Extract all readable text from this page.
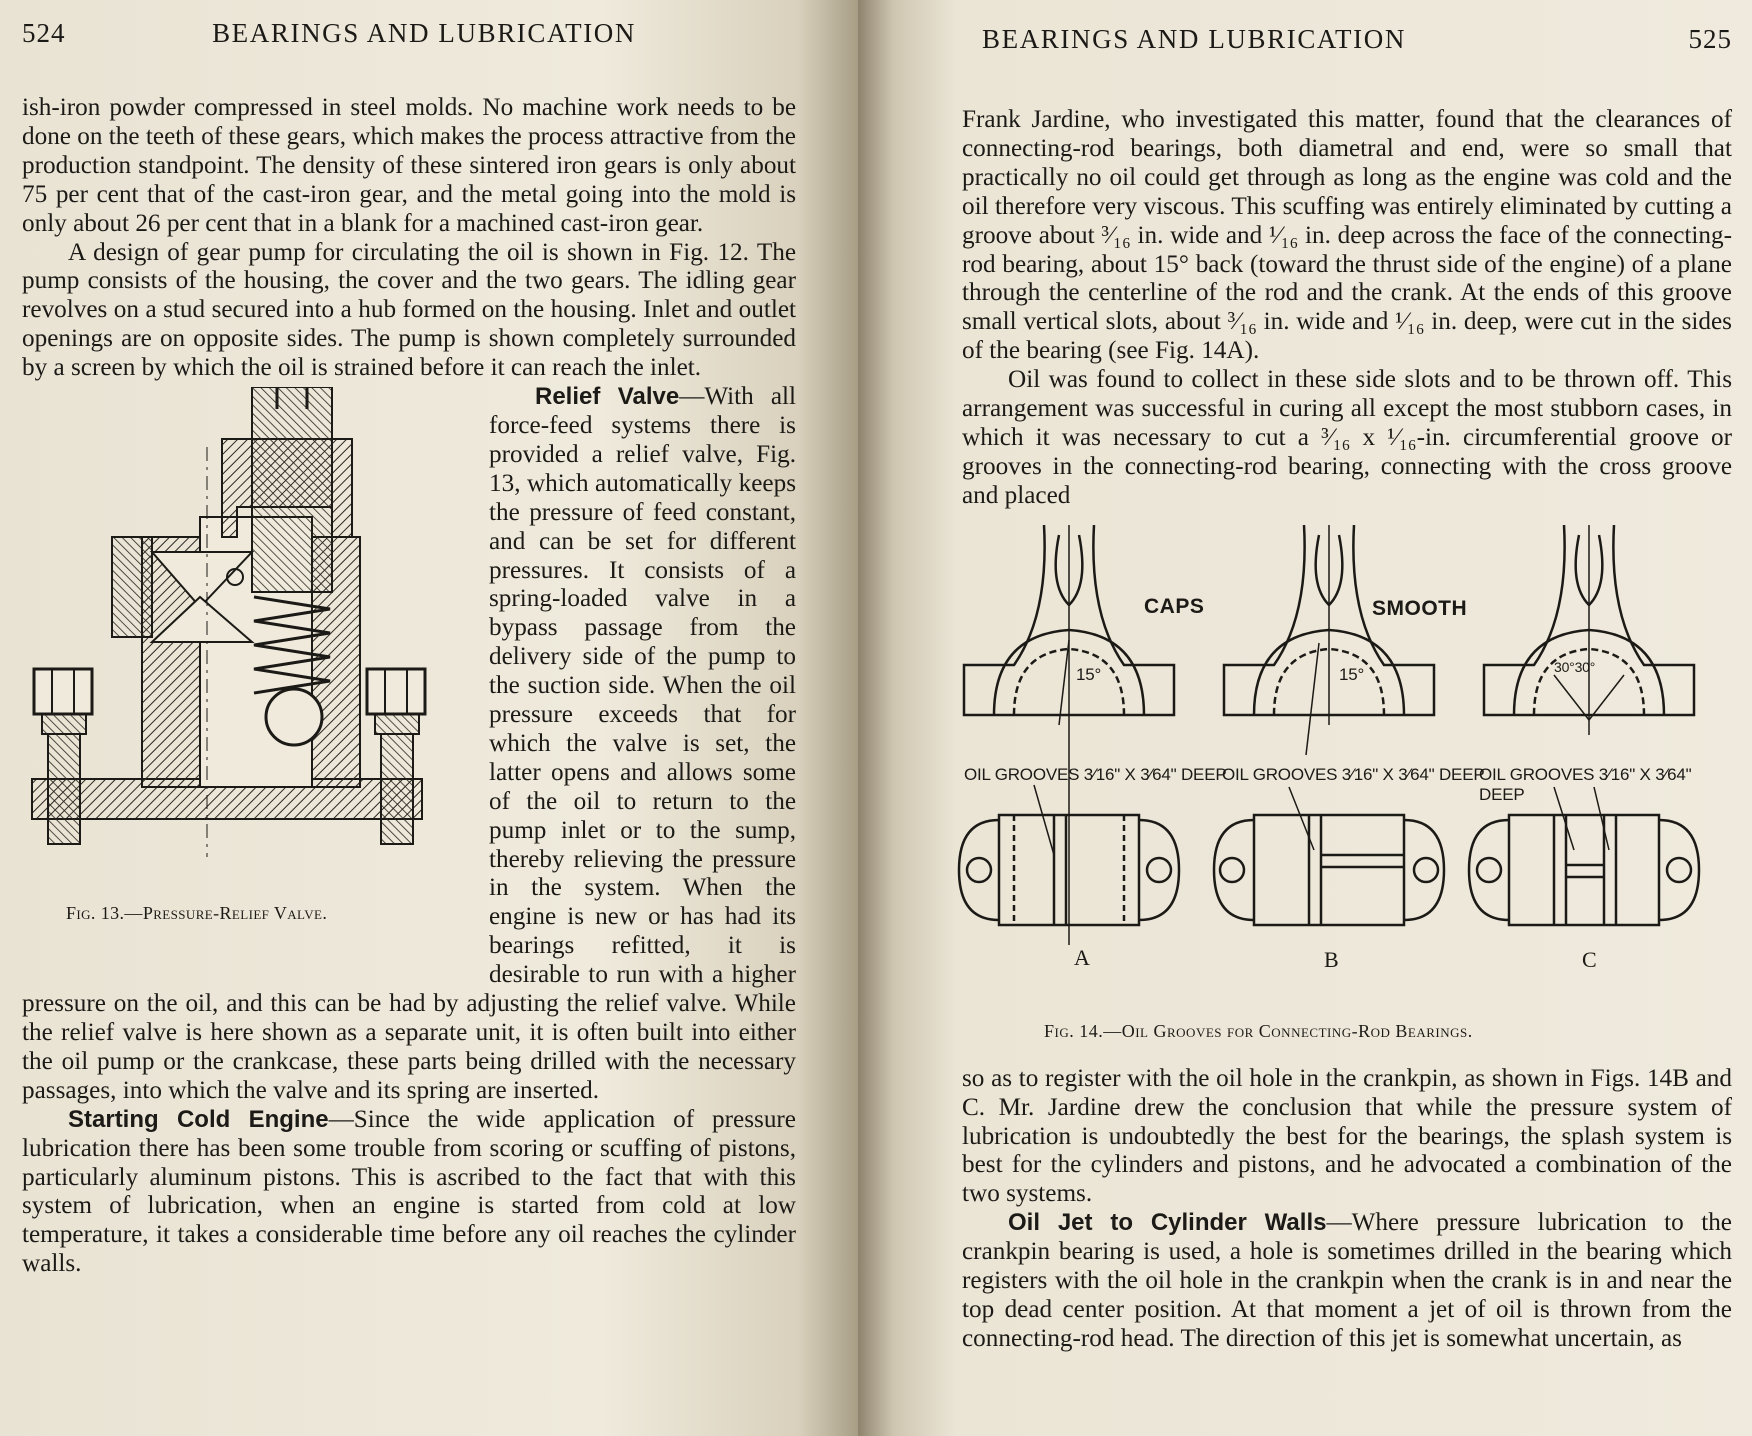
524	BEARINGS AND LUBRICATION

ish-iron powder compressed in steel molds. No machine work needs to be done on the teeth of these gears, which makes the process attractive from the production standpoint. The density of these sintered iron gears is only about 75 per cent that of the cast-iron gear, and the metal going into the mold is only about 26 per cent that in a blank for a machined cast-iron gear.

A design of gear pump for circulating the oil is shown in Fig. 12. The pump consists of the housing, the cover and the two gears. The idling gear revolves on a stud secured into a hub formed on the housing. Inlet and outlet openings are on opposite sides. The pump is shown completely surrounded by a screen by which the oil is strained before it can reach the inlet.

Fig. 13.—Pressure-Relief Valve.

Relief Valve—With all force-feed systems there is provided a relief valve, Fig. 13, which automatically keeps the pressure of feed constant, and can be set for different pressures. It consists of a spring-loaded valve in a bypass passage from the delivery side of the pump to the suction side. When the oil pressure exceeds that for which the valve is set, the latter opens and allows some of the oil to return to the pump inlet or to the sump, thereby relieving the pressure in the system. When the engine is new or has had its bearings refitted, it is desirable to run with a higher pressure on the oil, and this can be had by adjusting the relief valve. While the relief valve is here shown as a separate unit, it is often built into either the oil pump or the crankcase, these parts being drilled with the necessary passages, into which the valve and its spring are inserted.

Starting Cold Engine—Since the wide application of pressure lubrication there has been some trouble from scoring or scuffing of pistons, particularly aluminum pistons. This is ascribed to the fact that with this system of lubrication, when an engine is started from cold at low temperature, it takes a considerable time before any oil reaches the cylinder walls.

BEARINGS AND LUBRICATION	525

Frank Jardine, who investigated this matter, found that the clearances of connecting-rod bearings, both diametral and end, were so small that practically no oil could get through as long as the engine was cold and the oil therefore very viscous. This scuffing was entirely eliminated by cutting a groove about ³⁄₁₆ in. wide and ¹⁄₁₆ in. deep across the face of the connecting-rod bearing, about 15° back (toward the thrust side of the engine) of a plane through the centerline of the rod and the crank. At the ends of this groove small vertical slots, about ³⁄₁₆ in. wide and ¹⁄₁₆ in. deep, were cut in the sides of the bearing (see Fig. 14A).

Oil was found to collect in these side slots and to be thrown off. This arrangement was successful in curing all except the most stubborn cases, in which it was necessary to cut a ³⁄₁₆ x ¹⁄₁₆-in. circumferential groove or grooves in the connecting-rod bearing, connecting with the cross groove and placed

CAPS	SMOOTH
15°	15°	30°30°
OIL GROOVES 3⁄16" X 3⁄64" DEEP
OIL GROOVES 3⁄16" X 3⁄64" DEEP
OIL GROOVES 3⁄16" X 3⁄64" DEEP
A	B	C
Fig. 14.—Oil Grooves for Connecting-Rod Bearings.

so as to register with the oil hole in the crankpin, as shown in Figs. 14B and C. Mr. Jardine drew the conclusion that while the pressure system of lubrication is undoubtedly the best for the bearings, the splash system is best for the cylinders and pistons, and he advocated a combination of the two systems.

Oil Jet to Cylinder Walls—Where pressure lubrication to the crankpin bearing is used, a hole is sometimes drilled in the bearing which registers with the oil hole in the crankpin when the crank is in and near the top dead center position. At that moment a jet of oil is thrown from the connecting-rod head. The direction of this jet is somewhat uncertain, as
